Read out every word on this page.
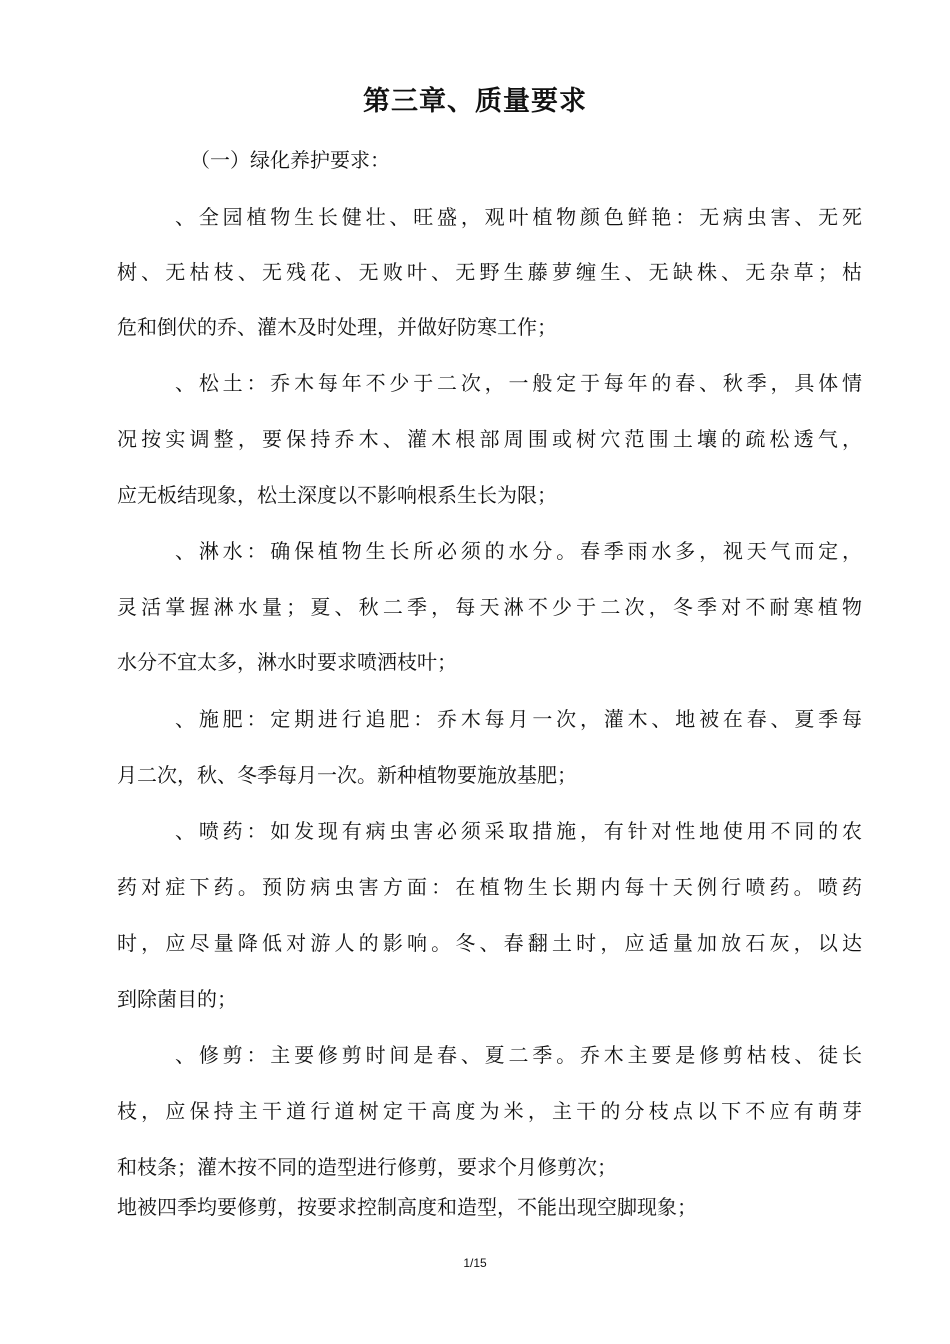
第三章、质量要求
（一）绿化养护要求：
、全园植物生长健壮、旺盛，观叶植物颜色鲜艳：无病虫害、无死
树、无枯枝、无残花、无败叶、无野生藤萝缠生、无缺株、无杂草；枯
危和倒伏的乔、灌木及时处理，并做好防寒工作；
、松土：乔木每年不少于二次，一般定于每年的春、秋季，具体情
况按实调整，要保持乔木、灌木根部周围或树穴范围土壤的疏松透气，
应无板结现象，松土深度以不影响根系生长为限；
、淋水：确保植物生长所必须的水分。春季雨水多，视天气而定，
灵活掌握淋水量；夏、秋二季，每天淋不少于二次，冬季对不耐寒植物
水分不宜太多，淋水时要求喷洒枝叶；
、施肥：定期进行追肥：乔木每月一次，灌木、地被在春、夏季每
月二次，秋、冬季每月一次。新种植物要施放基肥；
、喷药：如发现有病虫害必须采取措施，有针对性地使用不同的农
药对症下药。预防病虫害方面：在植物生长期内每十天例行喷药。喷药
时，应尽量降低对游人的影响。冬、春翻土时，应适量加放石灰，以达
到除菌目的；
、修剪：主要修剪时间是春、夏二季。乔木主要是修剪枯枝、徒长
枝，应保持主干道行道树定干高度为米，主干的分枝点以下不应有萌芽
和枝条；灌木按不同的造型进行修剪，要求个月修剪次；
地被四季均要修剪，按要求控制高度和造型，不能出现空脚现象；
1/15
